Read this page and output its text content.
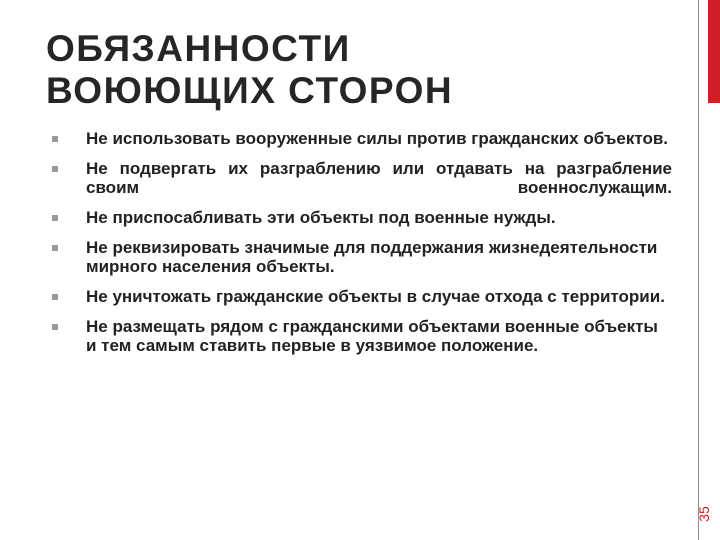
ОБЯЗАННОСТИ
ВОЮЮЩИХ СТОРОН
Не использовать вооруженные силы против гражданских объектов.
Не подвергать их разграблению или отдавать на разграбление своим военнослужащим.
Не приспосабливать эти объекты под военные нужды.
Не реквизировать значимые для поддержания жизнедеятельности мирного населения объекты.
Не уничтожать гражданские объекты в случае отхода с территории.
Не размещать рядом с гражданскими объектами военные объекты и тем самым ставить первые в уязвимое положение.
35
